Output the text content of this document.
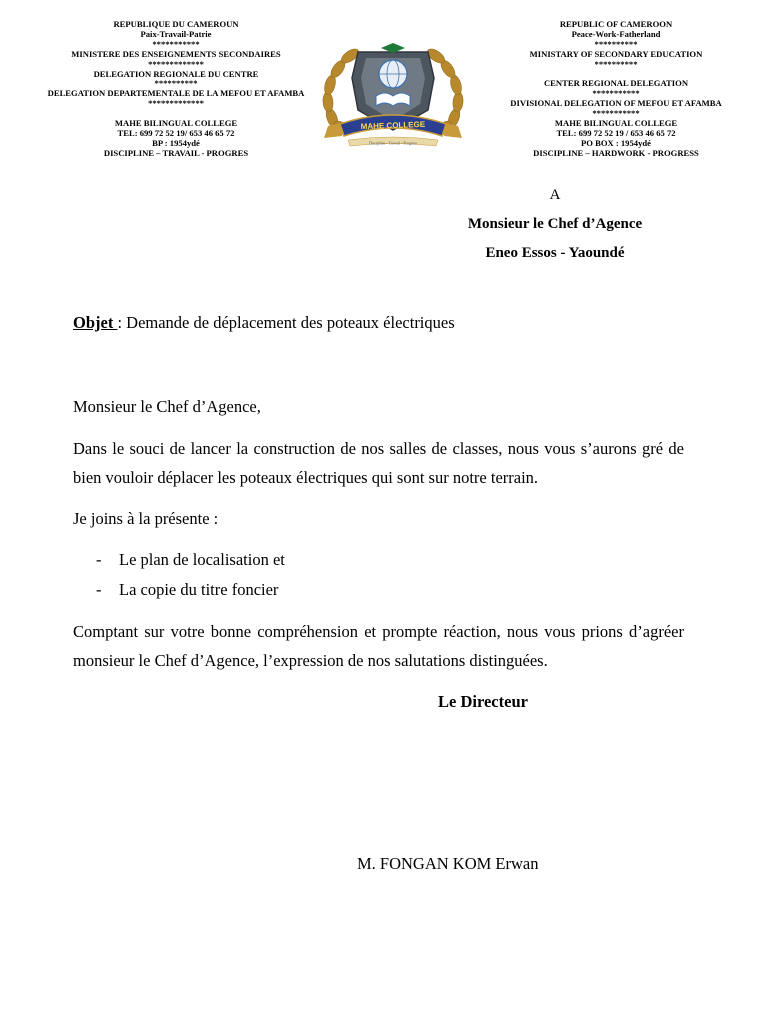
REPUBLIQUE DU CAMEROUN
Paix-Travail-Patrie
***********
MINISTERE DES ENSEIGNEMENTS SECONDAIRES
*************
DELEGATION REGIONALE DU CENTRE
**********
DELEGATION DEPARTEMENTALE DE LA MEFOU ET AFAMBA
*************
MAHE BILINGUAL COLLEGE
TEL: 699 72 52 19/ 653 46 65 72
BP : 1954ydé
DISCIPLINE – TRAVAIL - PROGRES
REPUBLIC OF CAMEROON
Peace-Work-Fatherland
**********
MINISTARY OF SECONDARY EDUCATION
**********
CENTER REGIONAL DELEGATION
***********
DIVISIONAL DELEGATION OF MEFOU ET AFAMBA
***********
MAHE BILINGUAL COLLEGE
TEL: 699 72 52 19 / 653 46 65 72
PO BOX : 1954ydé
DISCIPLINE – HARDWORK - PROGRESS
MAHE COLLEGE
Discipline - Travail - Progress
A
Monsieur le Chef d’Agence
Eneo Essos - Yaoundé
Objet : Demande de déplacement des poteaux électriques
Monsieur le Chef d’Agence,
Dans le souci de lancer la construction de nos salles de classes, nous vous s’aurons gré de bien vouloir déplacer les poteaux électriques qui sont sur notre terrain.
Je joins à la présente :
- Le plan de localisation et
- La copie du titre foncier
Comptant sur votre bonne compréhension et prompte réaction, nous vous prions d’agréer monsieur le Chef d’Agence, l’expression de nos salutations distinguées.
Le Directeur
M. FONGAN KOM Erwan
